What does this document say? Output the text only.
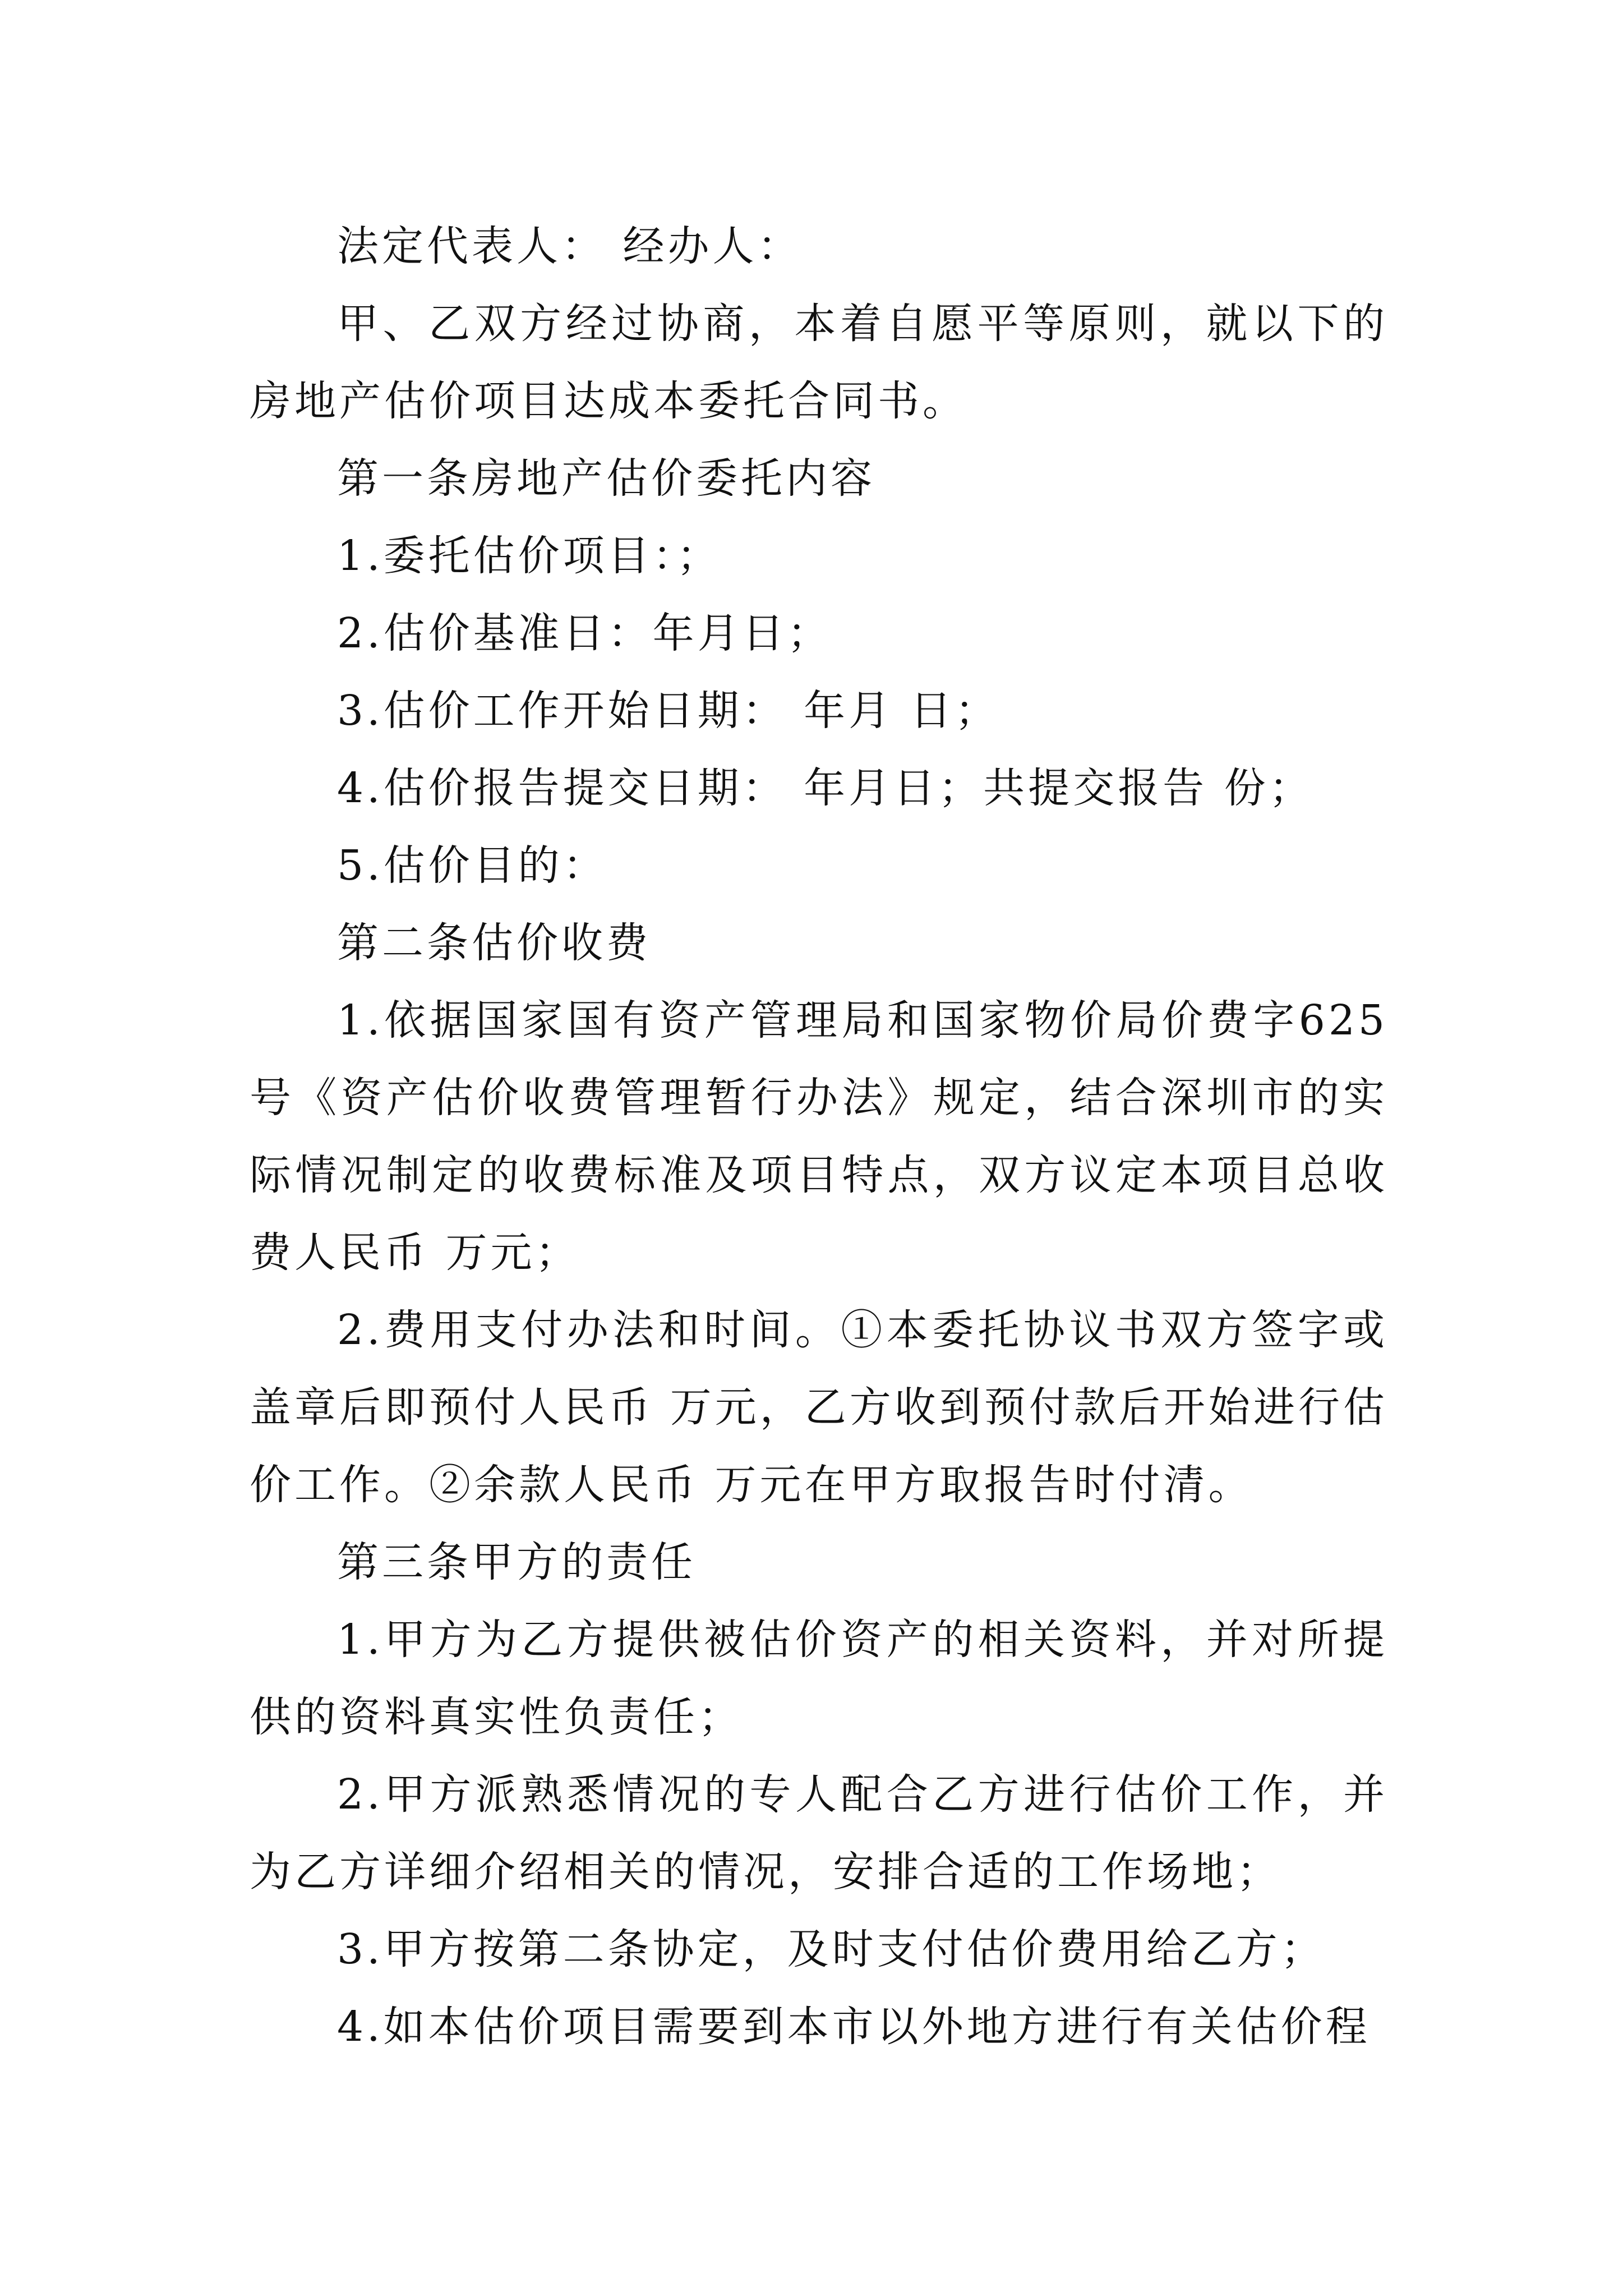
法定代表人： 经办人：

甲、乙双方经过协商，本着自愿平等原则，就以下的房地产估价项目达成本委托合同书。

第一条房地产估价委托内容

1.委托估价项目：；

2.估价基准日：年月日；

3.估价工作开始日期： 年月 日；

4.估价报告提交日期： 年月日；共提交报告 份；

5.估价目的：

第二条估价收费

1.依据国家国有资产管理局和国家物价局价费字625号《资产估价收费管理暂行办法》规定，结合深圳市的实际情况制定的收费标准及项目特点，双方议定本项目总收费人民币 万元；

2.费用支付办法和时间。①本委托协议书双方签字或盖章后即预付人民币 万元，乙方收到预付款后开始进行估价工作。②余款人民币 万元在甲方取报告时付清。

第三条甲方的责任

1.甲方为乙方提供被估价资产的相关资料，并对所提供的资料真实性负责任；

2.甲方派熟悉情况的专人配合乙方进行估价工作，并为乙方详细介绍相关的情况，安排合适的工作场地；

3.甲方按第二条协定，及时支付估价费用给乙方；

4.如本估价项目需要到本市以外地方进行有关估价程
